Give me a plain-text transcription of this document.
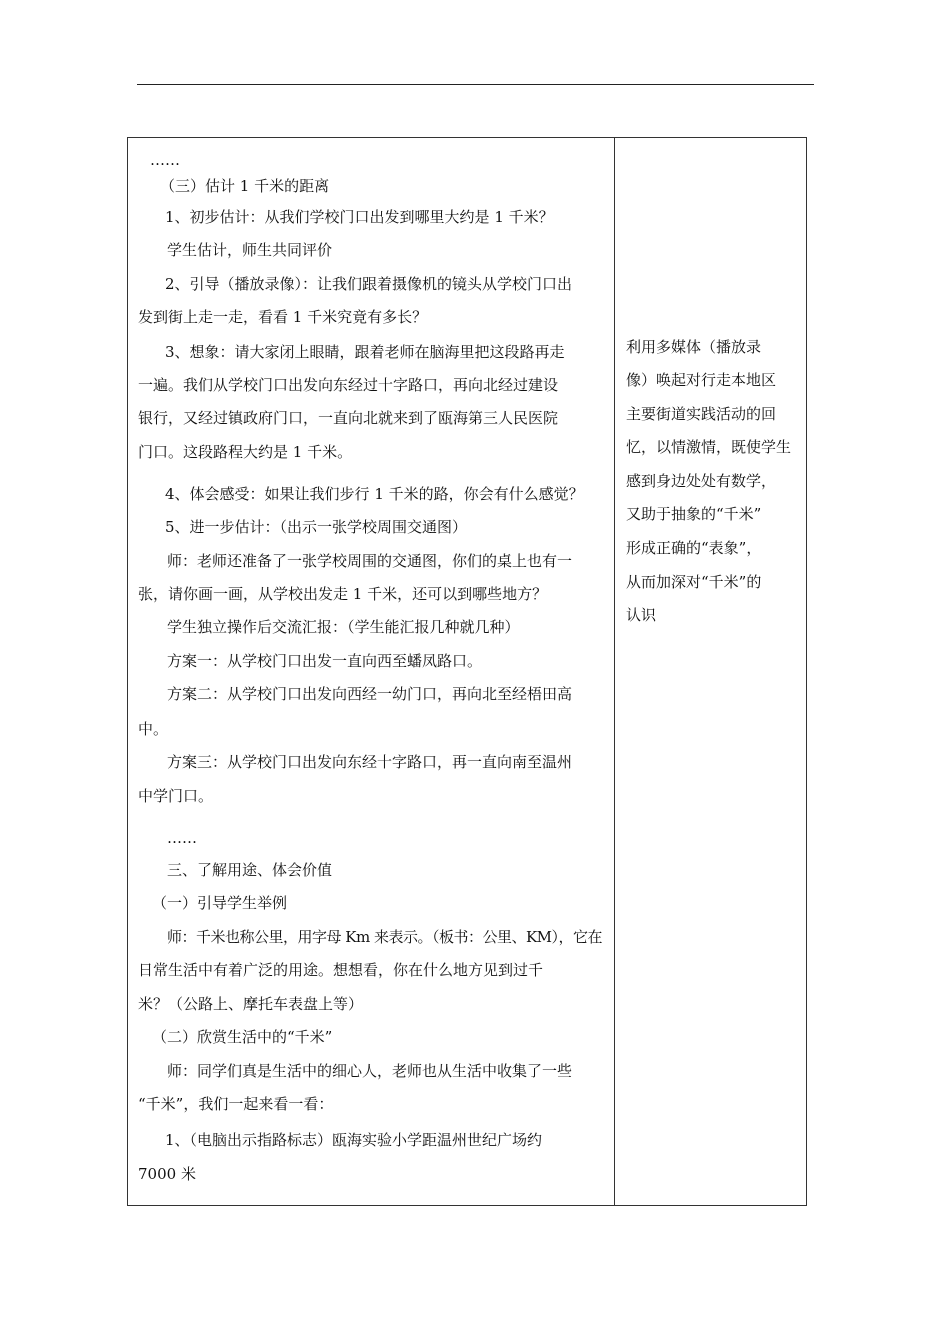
……
（三）估计 1 千米的距离
1、初步估计：从我们学校门口出发到哪里大约是 1 千米？
学生估计，师生共同评价
2、引导（播放录像）：让我们跟着摄像机的镜头从学校门口出
发到街上走一走，看看 1 千米究竟有多长？
3、想象：请大家闭上眼睛，跟着老师在脑海里把这段路再走
一遍。我们从学校门口出发向东经过十字路口，再向北经过建设
银行，又经过镇政府门口，一直向北就来到了瓯海第三人民医院
门口。这段路程大约是 1 千米。
4、体会感受：如果让我们步行 1 千米的路，你会有什么感觉？
5、进一步估计：（出示一张学校周围交通图）
师：老师还准备了一张学校周围的交通图，你们的桌上也有一
张，请你画一画，从学校出发走 1 千米，还可以到哪些地方？
学生独立操作后交流汇报：（学生能汇报几种就几种）
方案一：从学校门口出发一直向西至蟠凤路口。
方案二：从学校门口出发向西经一幼门口，再向北至经梧田高
中。
方案三：从学校门口出发向东经十字路口，再一直向南至温州
中学门口。
……
三、了解用途、体会价值
（一）引导学生举例
师：千米也称公里，用字母 Km 来表示。（板书：公里、KM），它在
日常生活中有着广泛的用途。想想看，你在什么地方见到过千
米？（公路上、摩托车表盘上等）
（二）欣赏生活中的“千米”
师：同学们真是生活中的细心人，老师也从生活中收集了一些
“千米”，我们一起来看一看：
1、（电脑出示指路标志）瓯海实验小学距温州世纪广场约
7000 米
利用多媒体（播放录
像）唤起对行走本地区
主要街道实践活动的回
忆，以情激情，既使学生
感到身边处处有数学，
又助于抽象的“千米”
形成正确的“表象”，
从而加深对“千米”的
认识
